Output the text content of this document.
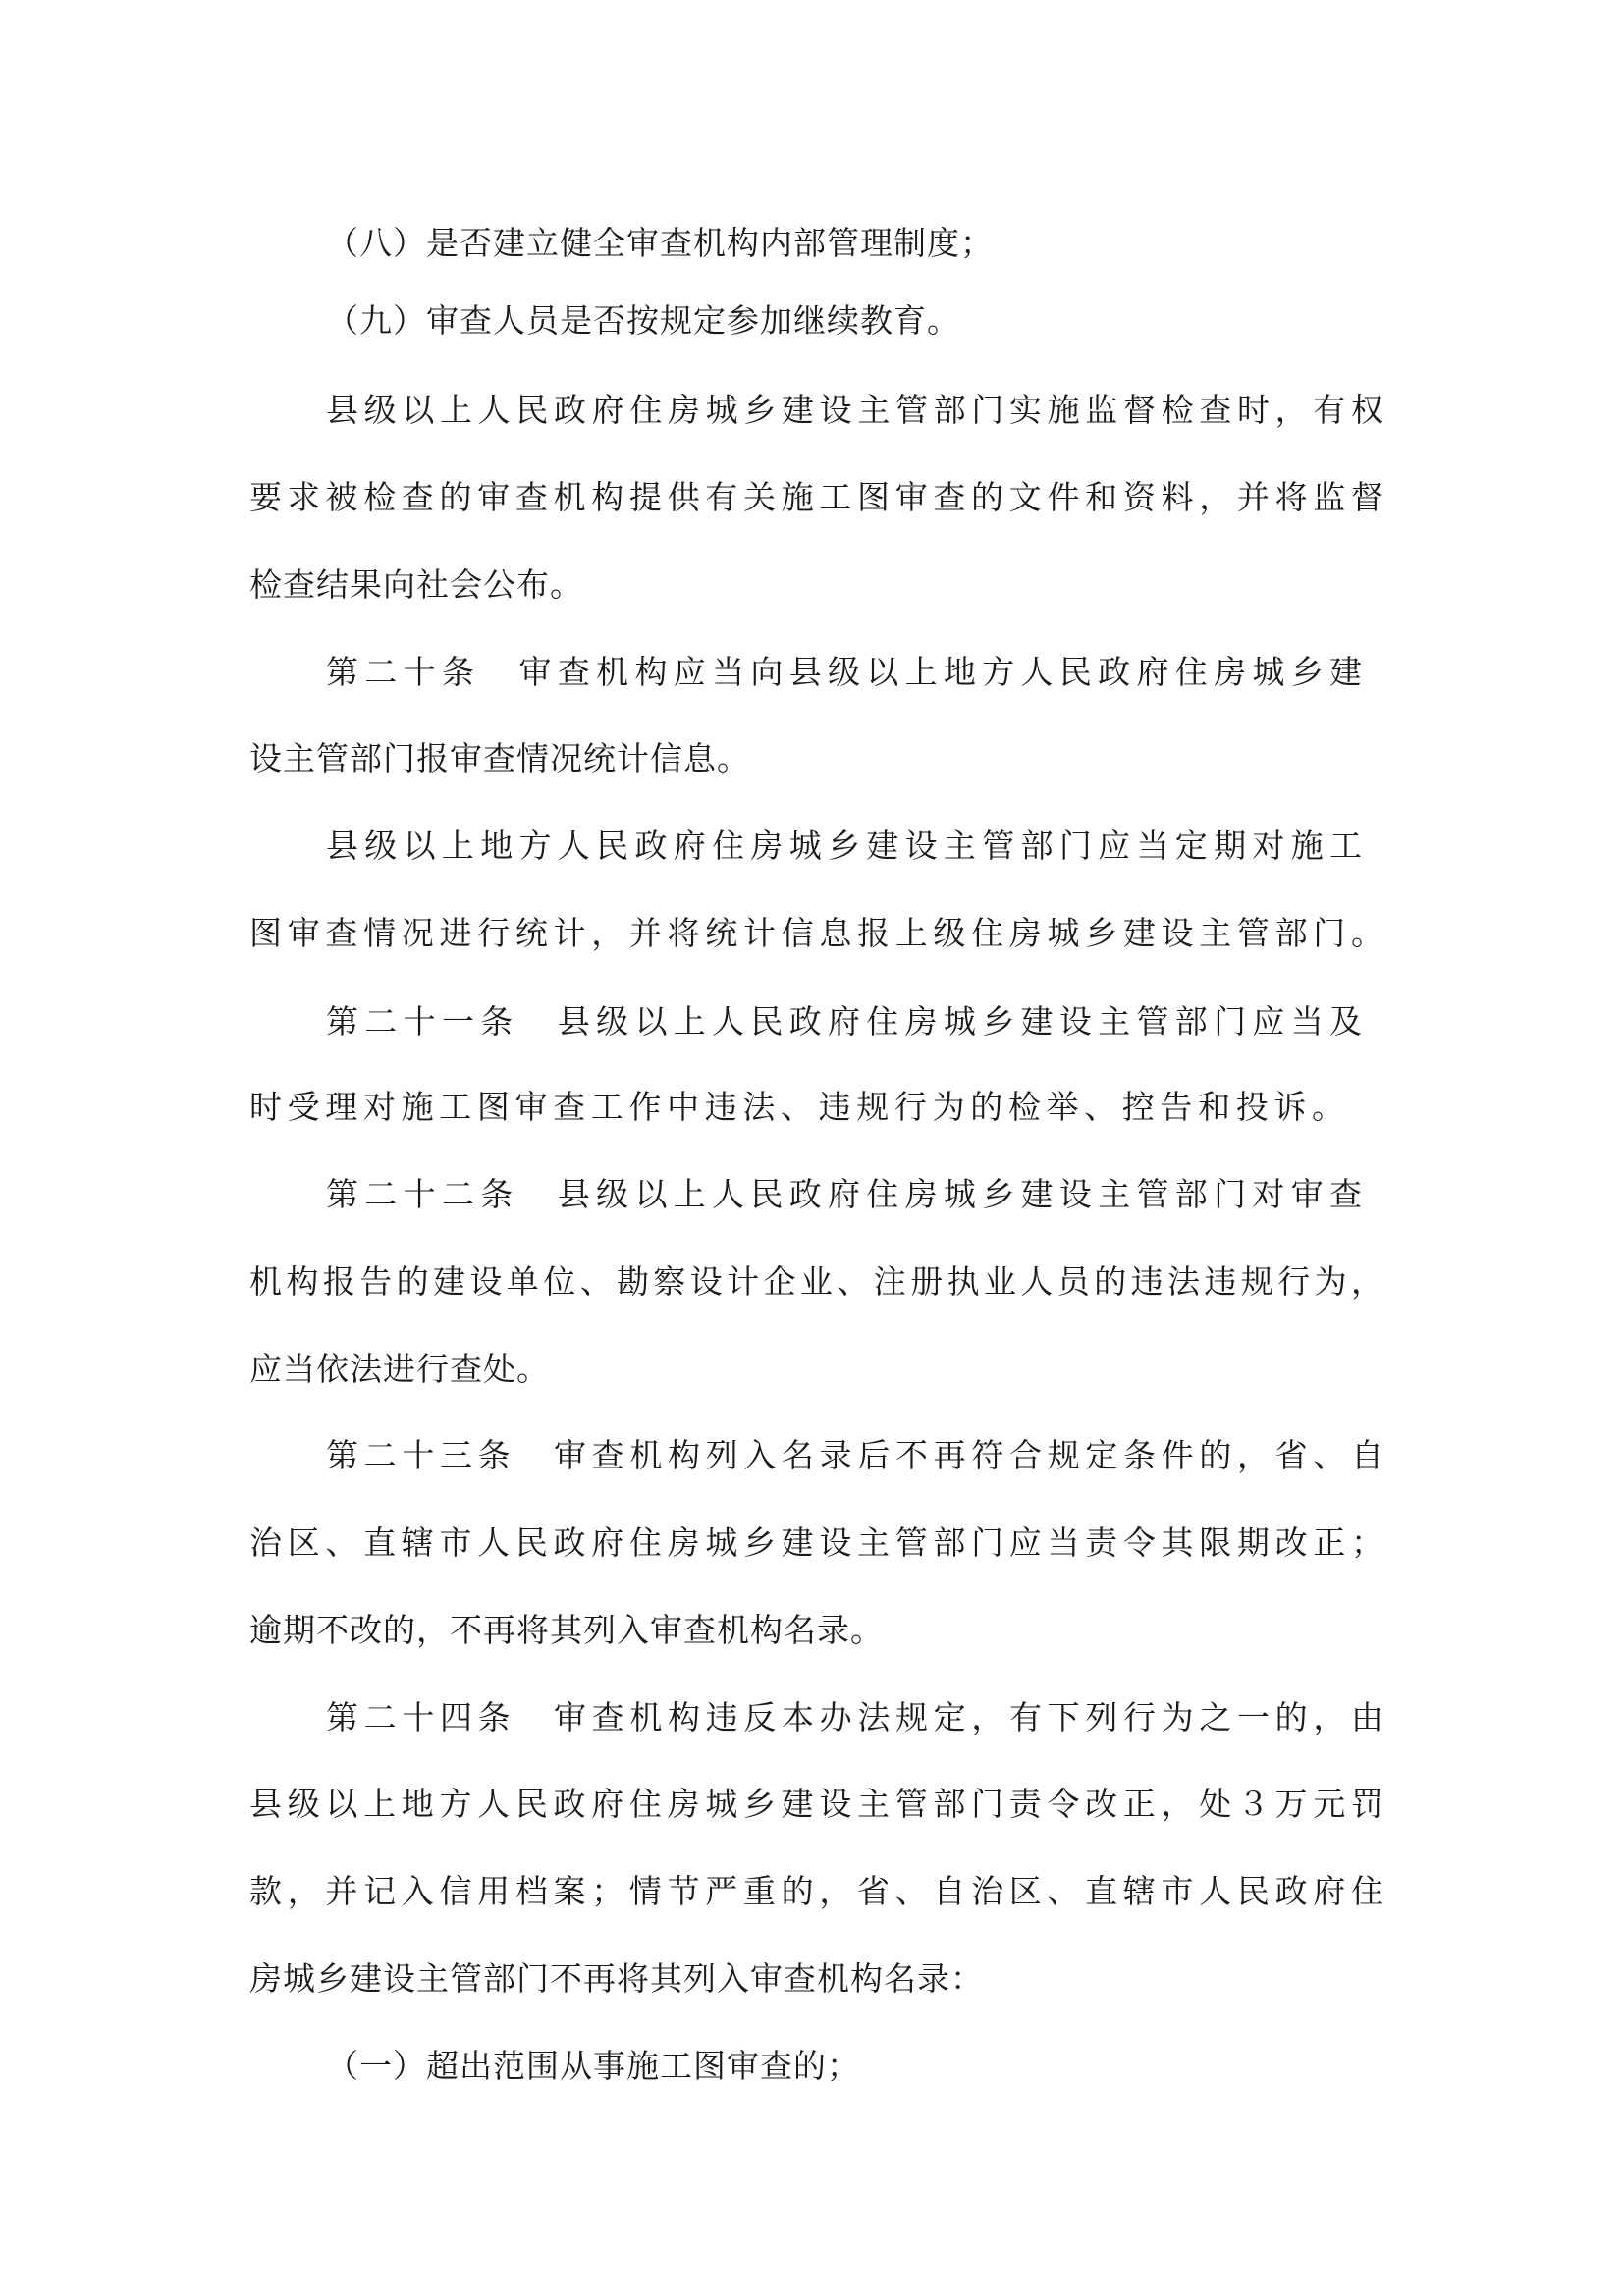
（八）是否建立健全审查机构内部管理制度；
（九）审查人员是否按规定参加继续教育。
县级以上人民政府住房城乡建设主管部门实施监督检查时，有权
要求被检查的审查机构提供有关施工图审查的文件和资料，并将监督
检查结果向社会公布。
第二十条　审查机构应当向县级以上地方人民政府住房城乡建
设主管部门报审查情况统计信息。
县级以上地方人民政府住房城乡建设主管部门应当定期对施工
图审查情况进行统计，并将统计信息报上级住房城乡建设主管部门。
第二十一条　县级以上人民政府住房城乡建设主管部门应当及
时受理对施工图审查工作中违法、违规行为的检举、控告和投诉。
第二十二条　县级以上人民政府住房城乡建设主管部门对审查
机构报告的建设单位、勘察设计企业、注册执业人员的违法违规行为，
应当依法进行查处。
第二十三条　审查机构列入名录后不再符合规定条件的，省、自
治区、直辖市人民政府住房城乡建设主管部门应当责令其限期改正；
逾期不改的，不再将其列入审查机构名录。
第二十四条　审查机构违反本办法规定，有下列行为之一的，由
县级以上地方人民政府住房城乡建设主管部门责令改正，处３万元罚
款，并记入信用档案；情节严重的，省、自治区、直辖市人民政府住
房城乡建设主管部门不再将其列入审查机构名录：
（一）超出范围从事施工图审查的；
